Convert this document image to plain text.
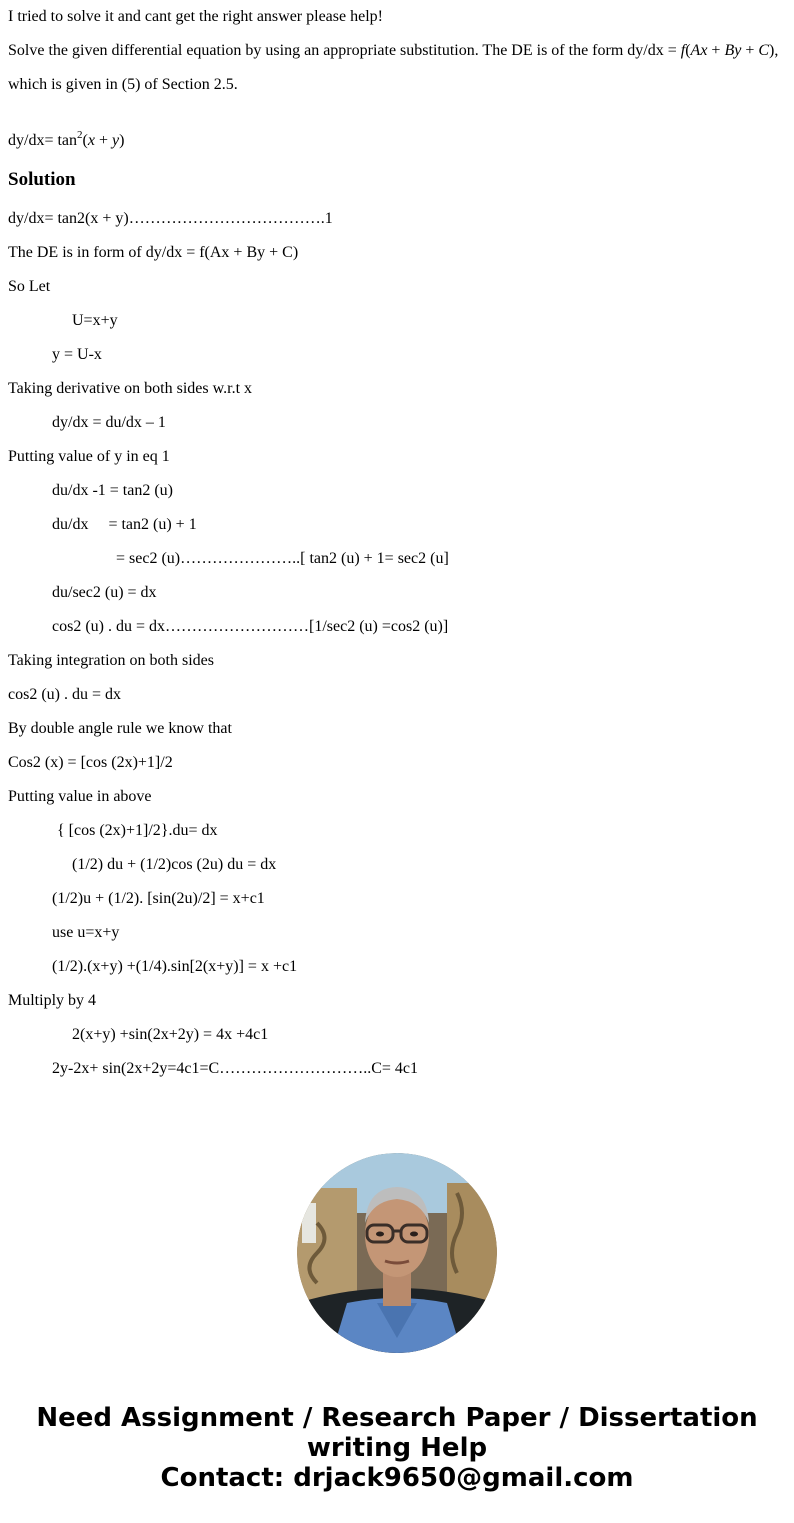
I tried to solve it and cant get the right answer please help!
Solve the given differential equation by using an appropriate substitution. The DE is of the form dy/dx = f(Ax + By + C),
which is given in (5) of Section 2.5.
$dy/dx= \tan^2(x + y)$
Solution
dy/dx= tan2(x + y)……………………………….1
The DE is in form of dy/dx = f(Ax + By + C)
So Let
U=x+y
y = U-x
Taking derivative on both sides w.r.t x
dy/dx = du/dx – 1
Putting value of y in eq 1
du/dx -1 = tan2 (u)
du/dx     = tan2 (u) + 1
= sec2 (u)…………………..[ tan2 (u) + 1= sec2 (u]
du/sec2 (u) = dx
cos2 (u) . du = dx………………………[1/sec2 (u) =cos2 (u)]
Taking integration on both sides
cos2 (u) . du = dx
By double angle rule we know that
Cos2 (x) = [cos (2x)+1]/2
Putting value in above
{ [cos (2x)+1]/2}.du= dx
(1/2) du + (1/2)cos (2u) du = dx
(1/2)u + (1/2). [sin(2u)/2] = x+c1
use u=x+y
(1/2).(x+y) +(1/4).sin[2(x+y)] = x +c1
Multiply by 4
2(x+y) +sin(2x+2y) = 4x +4c1
2y-2x+ sin(2x+2y=4c1=C………………………..C= 4c1
Need Assignment / Research Paper / Dissertation
writing Help
Contact: drjack9650@gmail.com
